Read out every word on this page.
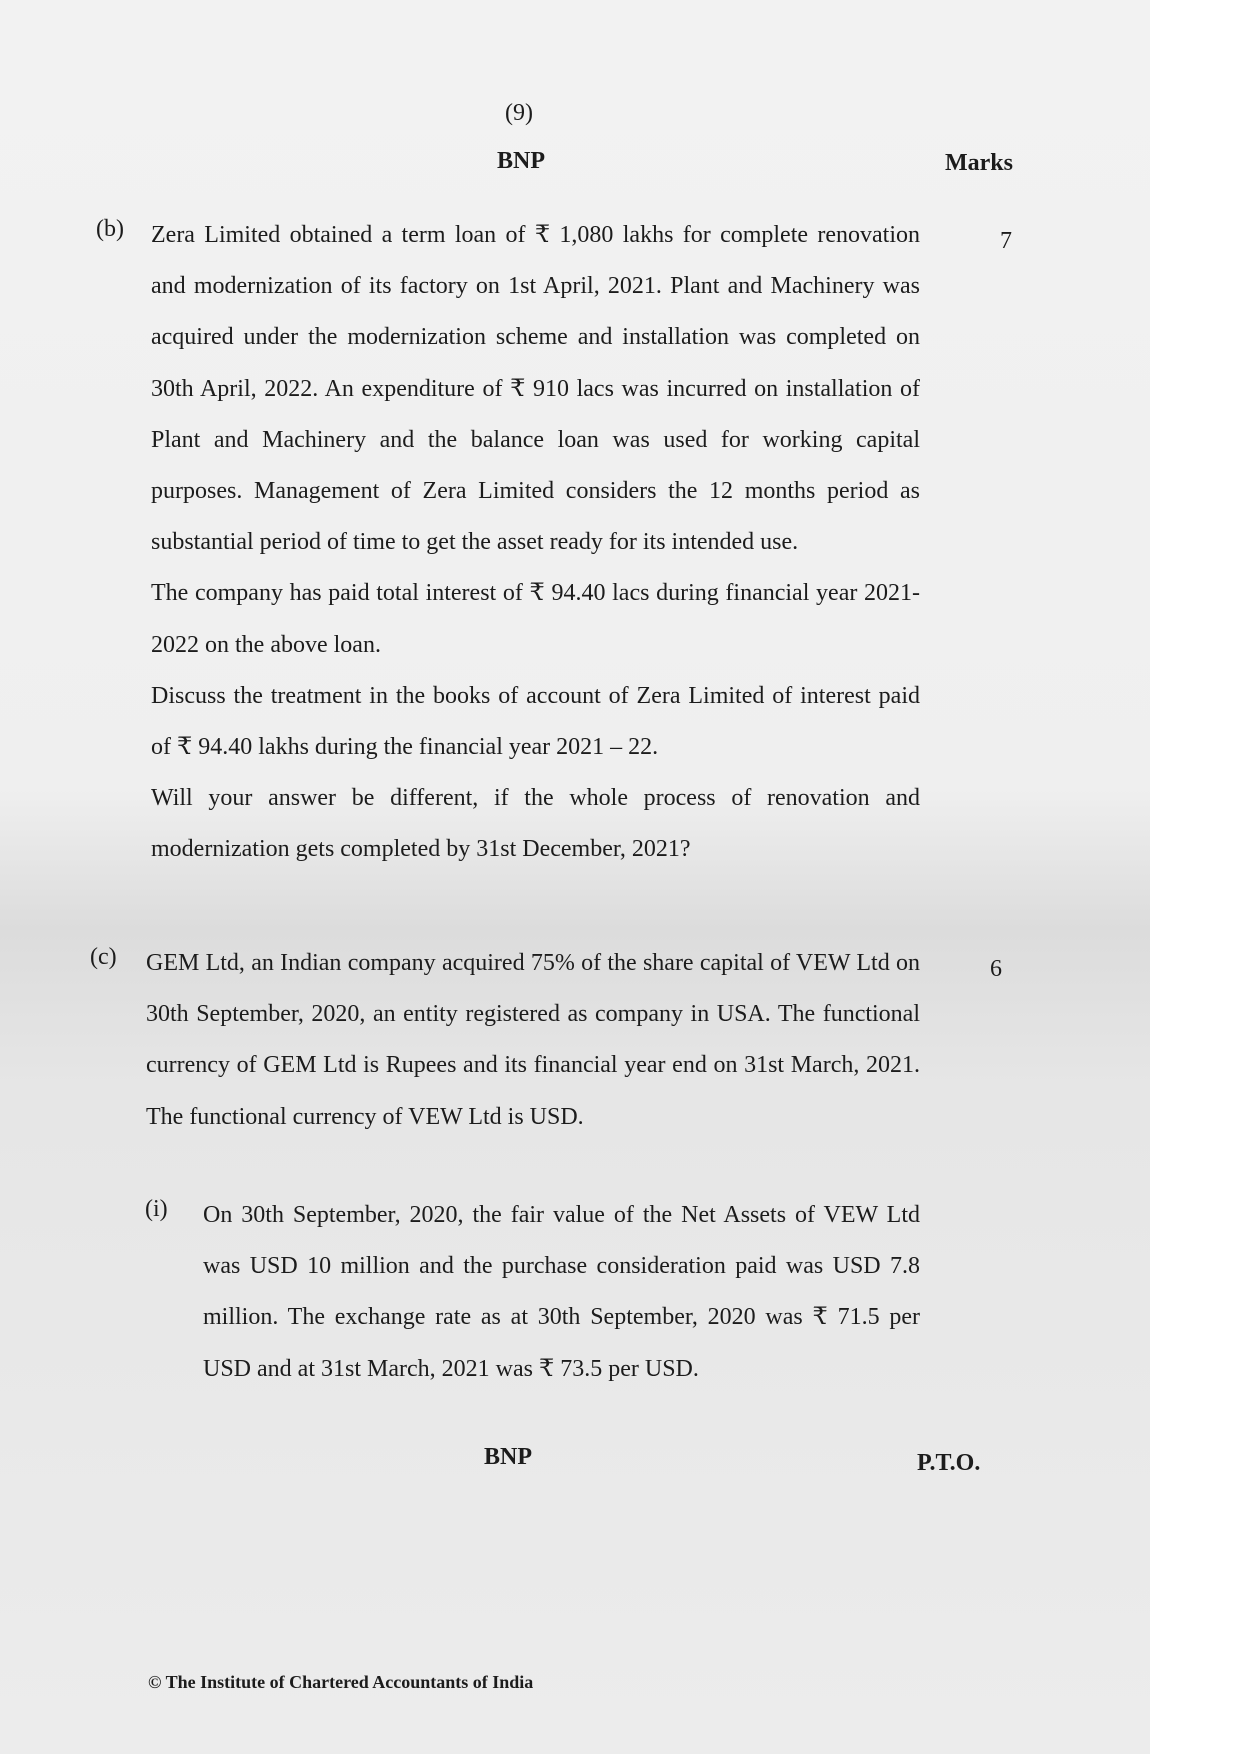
(9)
BNP	Marks
(b)	7

Zera Limited obtained a term loan of ₹ 1,080 lakhs for complete renovation and modernization of its factory on 1st April, 2021. Plant and Machinery was acquired under the modernization scheme and installation was completed on 30th April, 2022. An expenditure of ₹ 910 lacs was incurred on installation of Plant and Machinery and the balance loan was used for working capital purposes. Management of Zera Limited considers the 12 months period as substantial period of time to get the asset ready for its intended use.

The company has paid total interest of ₹ 94.40 lacs during financial year 2021-2022 on the above loan.

Discuss the treatment in the books of account of Zera Limited of interest paid of ₹ 94.40 lakhs during the financial year 2021 – 22.

Will your answer be different, if the whole process of renovation and modernization gets completed by 31st December, 2021?

(c)	6

GEM Ltd, an Indian company acquired 75% of the share capital of VEW Ltd on 30th September, 2020, an entity registered as company in USA. The functional currency of GEM Ltd is Rupees and its financial year end on 31st March, 2021. The functional currency of VEW Ltd is USD.

(i) On 30th September, 2020, the fair value of the Net Assets of VEW Ltd was USD 10 million and the purchase consideration paid was USD 7.8 million. The exchange rate as at 30th September, 2020 was ₹ 71.5 per USD and at 31st March, 2021 was ₹ 73.5 per USD.

BNP	P.T.O.
© The Institute of Chartered Accountants of India
